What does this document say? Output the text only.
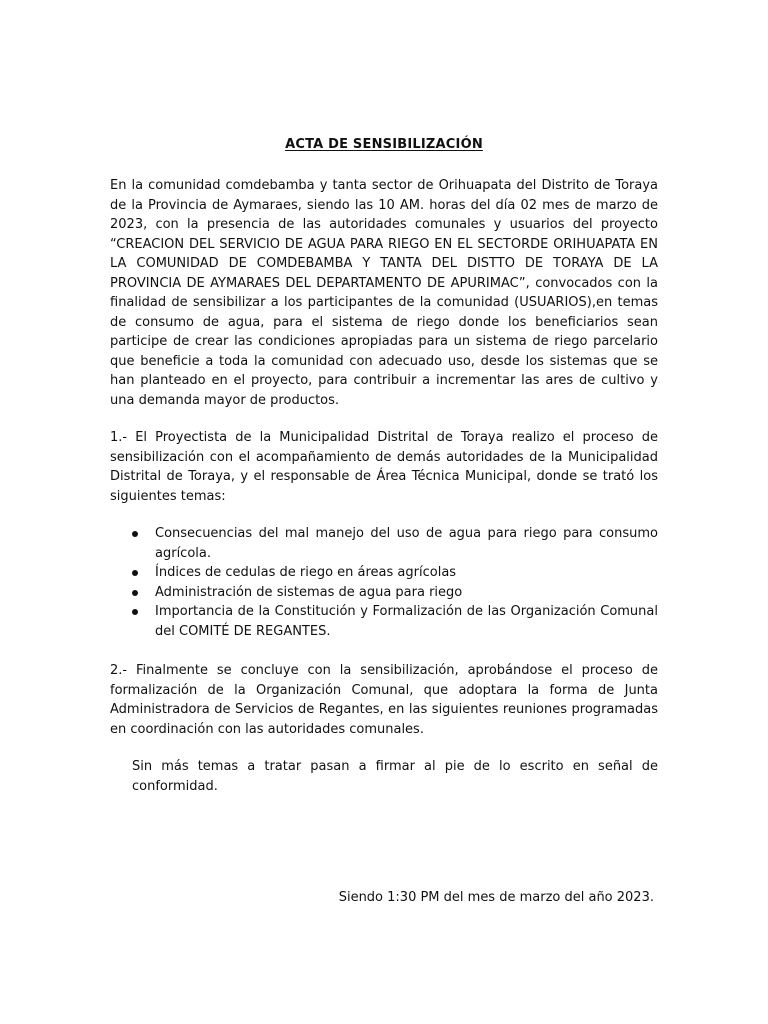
ACTA DE SENSIBILIZACIÓN

En la comunidad comdebamba y tanta sector de Orihuapata del Distrito de Toraya de la Provincia de Aymaraes, siendo las 10 AM. horas del día 02 mes de marzo de 2023, con la presencia de las autoridades comunales y usuarios del proyecto “CREACION DEL SERVICIO DE AGUA PARA RIEGO EN EL SECTORDE ORIHUAPATA EN LA COMUNIDAD DE COMDEBAMBA Y TANTA DEL DISTTO DE TORAYA DE LA PROVINCIA DE AYMARAES DEL DEPARTAMENTO DE APURIMAC”, convocados con la finalidad de sensibilizar a los participantes de la comunidad (USUARIOS),en temas de consumo de agua, para el sistema de riego donde los beneficiarios sean participe de crear las condiciones apropiadas para un sistema de riego parcelario que beneficie a toda la comunidad con adecuado uso, desde los sistemas que se han planteado en el proyecto, para contribuir a incrementar las ares de cultivo y una demanda mayor de productos.

1.- El Proyectista de la Municipalidad Distrital de Toraya realizo el proceso de sensibilización con el acompañamiento de demás autoridades de la Municipalidad Distrital de Toraya, y el responsable de Área Técnica Municipal, donde se trató los siguientes temas:

Consecuencias del mal manejo del uso de agua para riego para consumo agrícola.
Índices de cedulas de riego en áreas agrícolas
Administración de sistemas de agua para riego
Importancia de la Constitución y Formalización de las Organización Comunal del COMITÉ DE REGANTES.

2.- Finalmente se concluye con la sensibilización, aprobándose el proceso de formalización de la Organización Comunal, que adoptara la forma de Junta Administradora de Servicios de Regantes, en las siguientes reuniones programadas en coordinación con las autoridades comunales.

Sin más temas a tratar pasan a firmar al pie de lo escrito en señal de conformidad.

Siendo 1:30 PM del mes de marzo del año 2023.
